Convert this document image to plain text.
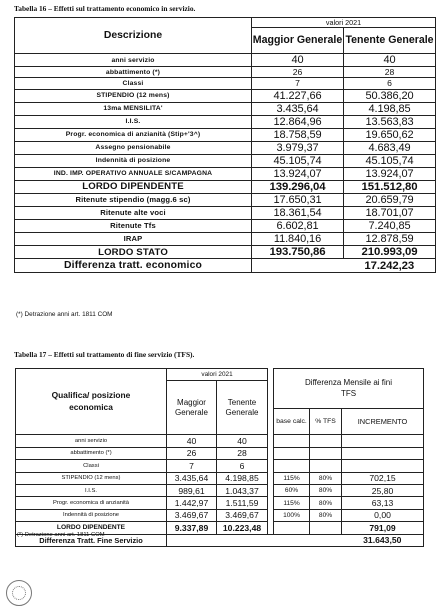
Tabella 16 – Effetti sul trattamento economico in servizio.
Descrizione	valori 2021	
	Maggior Generale	Tenente Generale
anni servizio	40	40
abbattimento (*)	26	28
Classi	7	6
STIPENDIO (12 mens)	41.227,66	50.386,20
13ma MENSILITA'	3.435,64	4.198,85
I.I.S.	12.864,96	13.563,83
Progr. economica di anzianità (Stip+'3^)	18.758,59	19.650,62
Assegno pensionabile	3.979,37	4.683,49
Indennità di posizione	45.105,74	45.105,74
IND. IMP. OPERATIVO ANNUALE S/CAMPAGNA	13.924,07	13.924,07
LORDO DIPENDENTE	139.296,04	151.512,80
Ritenute stipendio (magg.6 sc)	17.650,31	20.659,79
Ritenute alte voci	18.361,54	18.701,07
Ritenute Tfs	6.602,81	7.240,85
IRAP	11.840,16	12.878,59
LORDO STATO	193.750,86	210.993,09
Differenza tratt. economico		17.242,23
(*) Detrazione anni art. 1811 COM
Tabella 17 – Effetti sul trattamento di fine servizio (TFS).
Qualifica/ posizione economica	valori 2021			Differenza Mensile ai fini TFS		
	Maggior Generale	Tenente Generale				
				base calc.	% TFS	INCREMENTO
anni servizio	40	40				
abbattimento (*)	26	28				
Classi	7	6				
STIPENDIO (12 mens)	3.435,64	4.198,85		115%	80%	702,15
I.I.S.	989,61	1.043,37		60%	80%	25,80
Progr. economica di anzianità	1.442,97	1.511,59		115%	80%	63,13
Indennità di posizione	3.469,67	3.469,67		100%	80%	0,00
LORDO DIPENDENTE	9.337,89	10.223,48				791,09
Differenza Tratt. Fine Servizio						31.643,50
(*) Detrazione anni art. 1811 COM
